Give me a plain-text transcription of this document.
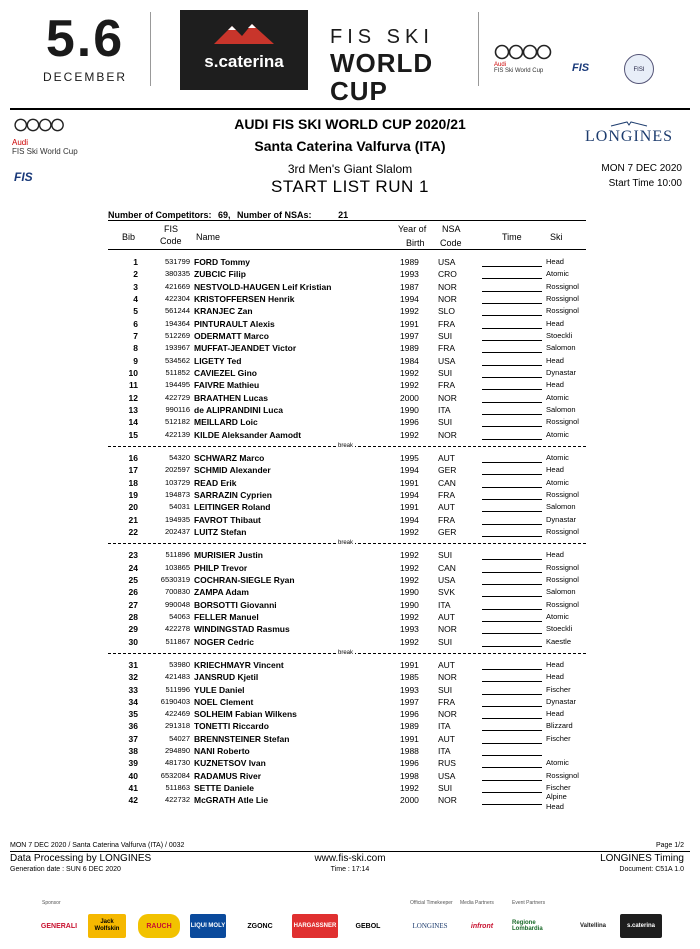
5.6
DECEMBER
s.caterina
FIS SKI
WORLD CUP
Audi
FIS Ski World Cup	FIS	FISI
Audi
FIS Ski World Cup
FIS
AUDI FIS SKI WORLD CUP 2020/21
Santa Caterina Valfurva (ITA)
LONGINES
3rd Men's Giant Slalom
START LIST RUN 1
MON 7 DEC 2020
Start Time 10:00
Number of Competitors: 69, Number of NSAs:	21
Bib
FIS
Code Name
Year of
Birth
NSA
Code
Time	Ski
1	531799 FORD Tommy	1989	USA	Head
2	380335 ZUBCIC Filip	1993	CRO	Atomic
3	421669 NESTVOLD-HAUGEN Leif Kristian	1987	NOR	Rossignol
4	422304 KRISTOFFERSEN Henrik	1994	NOR	Rossignol
5	561244 KRANJEC Zan	1992	SLO	Rossignol
6	194364 PINTURAULT Alexis	1991	FRA	Head
7	512269 ODERMATT Marco	1997	SUI	Stoeckli
8	193967 MUFFAT-JEANDET Victor	1989	FRA	Salomon
9	534562 LIGETY Ted	1984	USA	Head
10	511852 CAVIEZEL Gino	1992	SUI	Dynastar
11	194495 FAIVRE Mathieu	1992	FRA	Head
12	422729 BRAATHEN Lucas	2000	NOR	Atomic
13	990116 de ALIPRANDINI Luca	1990	ITA	Salomon
14	512182 MEILLARD Loic	1996	SUI	Rossignol
15	422139 KILDE Aleksander Aamodt	1992	NOR	Atomic
break
16	54320 SCHWARZ Marco	1995	AUT	Atomic
17	202597 SCHMID Alexander	1994	GER	Head
18	103729 READ Erik	1991	CAN	Atomic
19	194873 SARRAZIN Cyprien	1994	FRA	Rossignol
20	54031 LEITINGER Roland	1991	AUT	Salomon
21	194935 FAVROT Thibaut	1994	FRA	Dynastar
22	202437 LUITZ Stefan	1992	GER	Rossignol
break
23	511896 MURISIER Justin	1992	SUI	Head
24	103865 PHILP Trevor	1992	CAN	Rossignol
25	6530319 COCHRAN-SIEGLE Ryan	1992	USA	Rossignol
26	700830 ZAMPA Adam	1990	SVK	Salomon
27	990048 BORSOTTI Giovanni	1990	ITA	Rossignol
28	54063 FELLER Manuel	1992	AUT	Atomic
29	422278 WINDINGSTAD Rasmus	1993	NOR	Stoeckli
30	511867 NOGER Cedric	1992	SUI	Kaestle
break
31	53980 KRIECHMAYR Vincent	1991	AUT	Head
32	421483 JANSRUD Kjetil	1985	NOR	Head
33	511996 YULE Daniel	1993	SUI	Fischer
34	6190403 NOEL Clement	1997	FRA	Dynastar
35	422469 SOLHEIM Fabian Wilkens	1996	NOR	Head
36	291318 TONETTI Riccardo	1989	ITA	Blizzard
37	54027 BRENNSTEINER Stefan	1991	AUT	Fischer
38	294890 NANI Roberto	1988	ITA
39	481730 KUZNETSOV Ivan	1996	RUS	Atomic
40	6532084 RADAMUS River	1998	USA	Rossignol
41	511863 SETTE Daniele	1992	SUI	Fischer
42	422732 McGRATH Atle Lie	2000	NOR	Alpine
Head
MON 7 DEC 2020 / Santa Caterina Valfurva (ITA) / 0032	Page 1/2
Data Processing by LONGINES	www.fis-ski.com	LONGINES Timing
Generation date : SUN 6 DEC 2020	Time : 17:14	Document: C51A 1.0
Sponsor	Official Timekeeper Media Partners	Event Partners
GENERALI
Jack Wolfskin	RAUCH	LIQUI MOLY	ZGONC	HARGASSNER	GEBOL	LONGINES	infront	Regione Lombardia	Valtellina	s.caterina
